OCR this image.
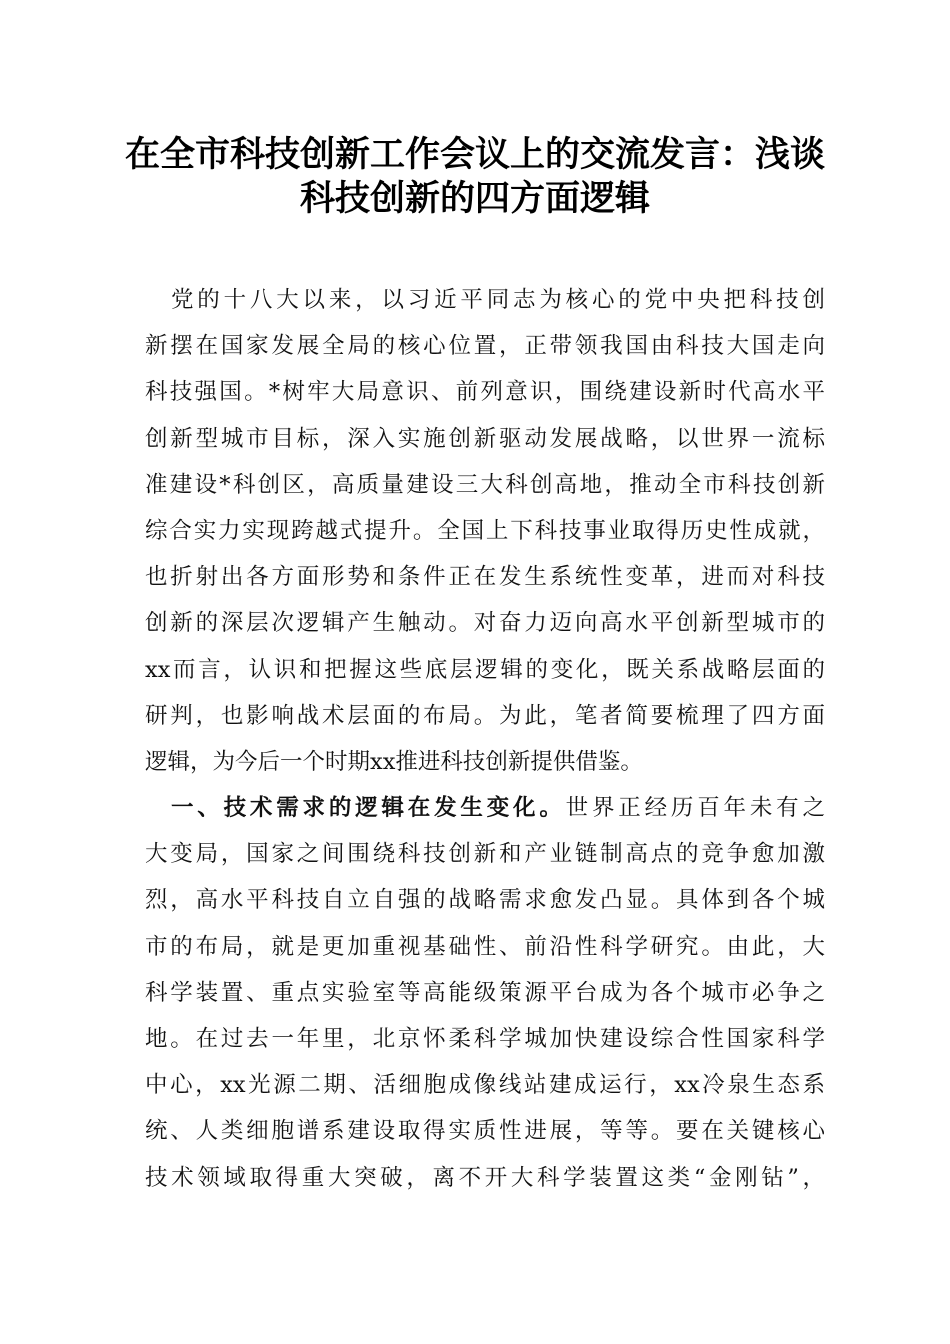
在全市科技创新工作会议上的交流发言：浅谈
科技创新的四方面逻辑
党的十八大以来，以习近平同志为核心的党中央把科技创
新摆在国家发展全局的核心位置，正带领我国由科技大国走向
科技强国。*树牢大局意识、前列意识，围绕建设新时代高水平
创新型城市目标，深入实施创新驱动发展战略，以世界一流标
准建设*科创区，高质量建设三大科创高地，推动全市科技创新
综合实力实现跨越式提升。全国上下科技事业取得历史性成就，
也折射出各方面形势和条件正在发生系统性变革，进而对科技
创新的深层次逻辑产生触动。对奋力迈向高水平创新型城市的
xx而言，认识和把握这些底层逻辑的变化，既关系战略层面的
研判，也影响战术层面的布局。为此，笔者简要梳理了四方面
逻辑，为今后一个时期xx推进科技创新提供借鉴。
一、技术需求的逻辑在发生变化。世界正经历百年未有之
大变局，国家之间围绕科技创新和产业链制高点的竞争愈加激
烈，高水平科技自立自强的战略需求愈发凸显。具体到各个城
市的布局，就是更加重视基础性、前沿性科学研究。由此，大
科学装置、重点实验室等高能级策源平台成为各个城市必争之
地。在过去一年里，北京怀柔科学城加快建设综合性国家科学
中心，xx光源二期、活细胞成像线站建成运行，xx冷泉生态系
统、人类细胞谱系建设取得实质性进展，等等。要在关键核心
技术领域取得重大突破，离不开大科学装置这类“金刚钻”，
